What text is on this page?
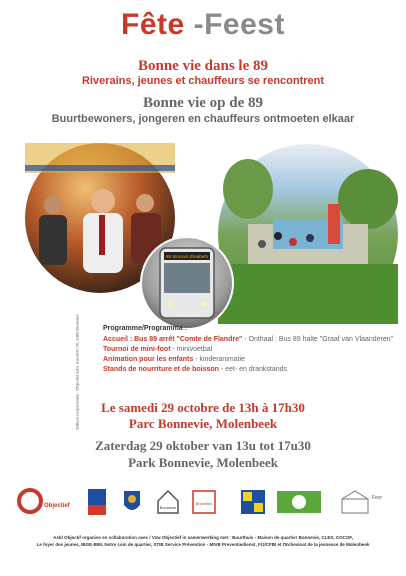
Fête -Feest
Bonne vie dans le 89
Riverains, jeunes et chauffeurs se rencontrent
Bonne vie op de 89
Buurtbewoners, jongeren en chauffeurs ontmoeten elkaar
89 Simonis Elisabeth
Editeur responsable : Objectief asbl, Gaudron 36, 1080 Bruxelles	Programme/Programma :
Accueil : Bus 89 arrêt "Comte de Flandre" - Onthaal : Bus 89 halte "Graaf van Vlaanderen"
Tournoi de mini-foot - minivoetbal
Animation pour les enfants - kinderanimatie
Stands de nourriture et de boisson - eet- en drankstands
Le samedi 29 octobre de 13h à 17h30
Parc Bonnevie, Molenbeek
Zaterdag 29 oktober van 13u tot 17u30
Park Bonnevie, Molenbeek
Objectief	Bonnevie
Bruxelles
Fevr
Asbl Objectif organise en collaboration avec / Vzw Objectief in samenwerking met : Buurthuis - Maison de quartier Bonnevie, CLES, COCOF,
Le foyer des jeunes, IBGE-BIM, Notre coin de quartier, STIB Service Prévention - MIVB Preventiedienst, FIJ/CFBI et l'Echevinat de la jeunesse de Molenbeek
